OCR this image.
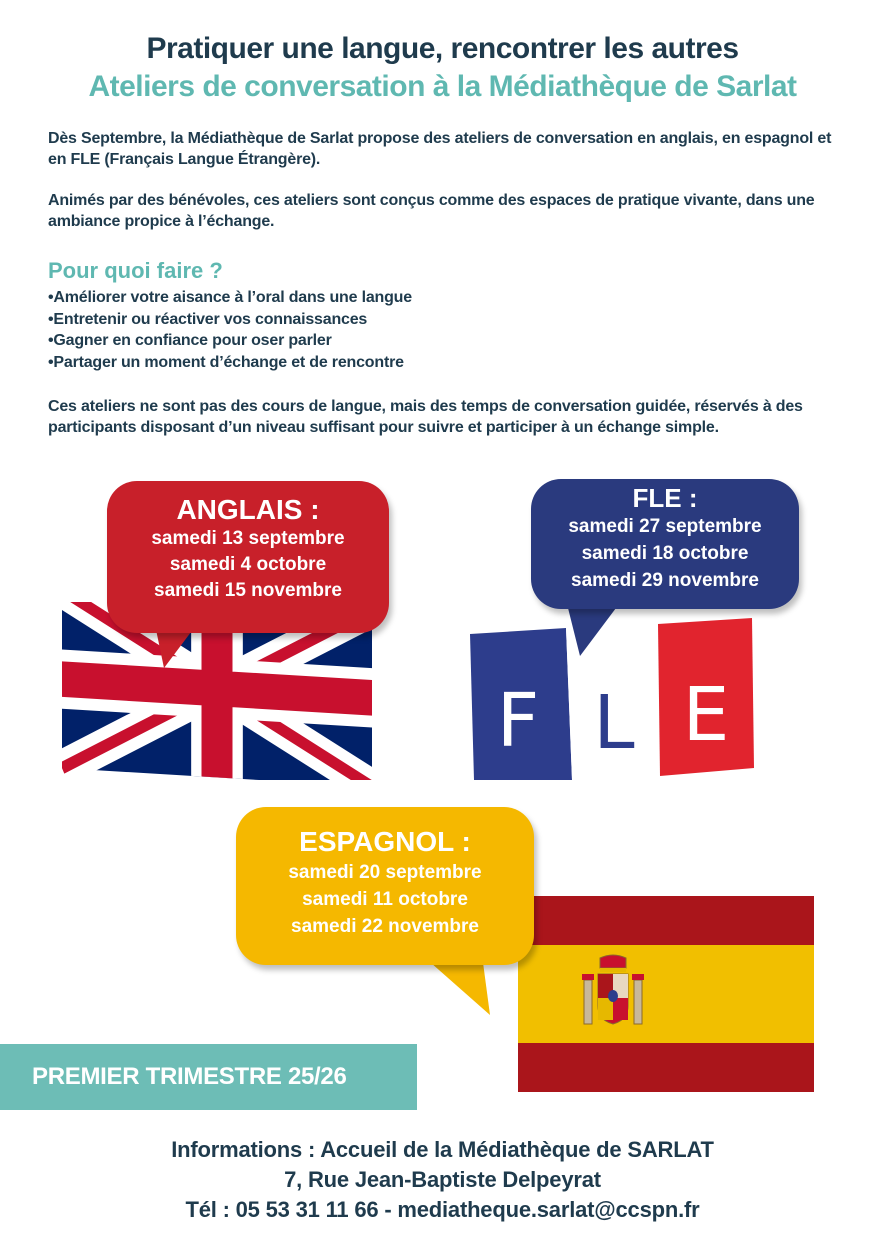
Pratiquer une langue, rencontrer les autres
Ateliers de conversation à la Médiathèque de Sarlat

Dès Septembre, la Médiathèque de Sarlat propose des ateliers de conversation en anglais, en espagnol et en FLE (Français Langue Étrangère).

Animés par des bénévoles, ces ateliers sont conçus comme des espaces de pratique vivante, dans une ambiance propice à l’échange.

Pour quoi faire ?
• Améliorer votre aisance à l’oral dans une langue
• Entretenir ou réactiver vos connaissances
• Gagner en confiance pour oser parler
• Partager un moment d’échange et de rencontre

Ces ateliers ne sont pas des cours de langue, mais des temps de conversation guidée, réservés à des participants disposant d’un niveau suffisant pour suivre et participer à un échange simple.

F L E
ANGLAIS :
samedi 13 septembre
samedi 4 octobre
samedi 15 novembre
FLE :
samedi 27 septembre
samedi 18 octobre
samedi 29 novembre
ESPAGNOL :
samedi 20 septembre
samedi 11 octobre
samedi 22 novembre
PREMIER TRIMESTRE 25/26
Informations : Accueil de la Médiathèque de SARLAT
7, Rue Jean-Baptiste Delpeyrat
Tél : 05 53 31 11 66 - mediatheque.sarlat@ccspn.fr
